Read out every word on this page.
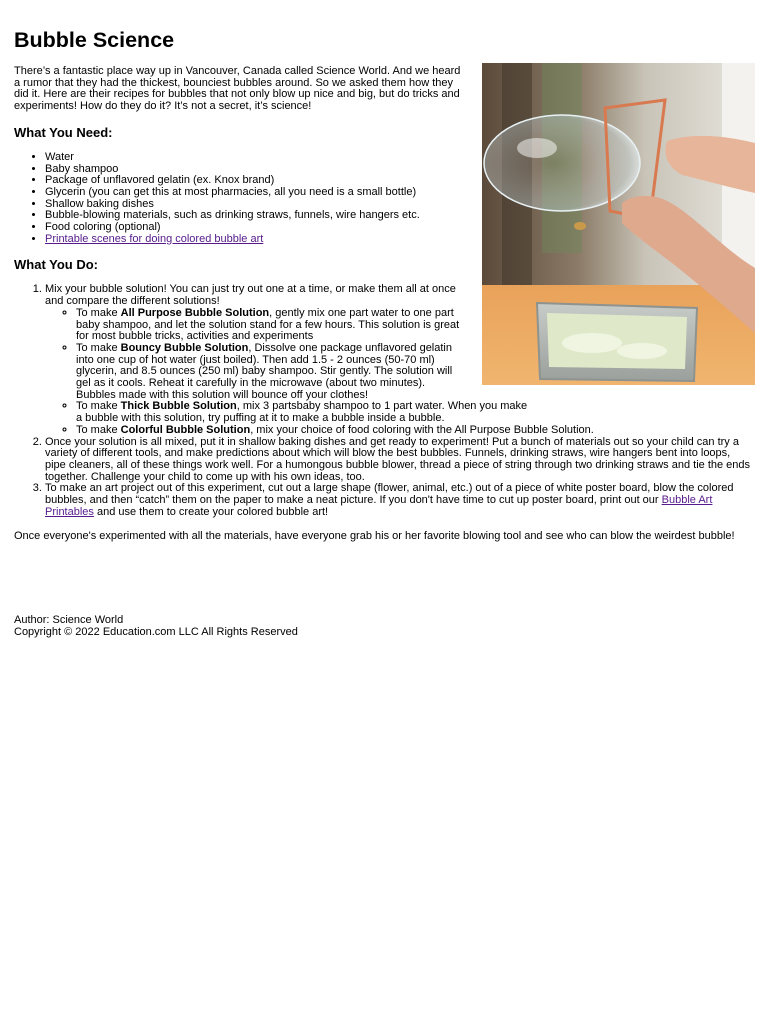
Bubble Science

There’s a fantastic place way up in Vancouver, Canada called Science World. And we heard a rumor that they had the thickest, bounciest bubbles around. So we asked them how they did it. Here are their recipes for bubbles that not only blow up nice and big, but do tricks and experiments! How do they do it? It’s not a secret, it’s science!

What You Need:
• Water
• Baby shampoo
• Package of unflavored gelatin (ex. Knox brand)
• Glycerin (you can get this at most pharmacies, all you need is a small bottle)
• Shallow baking dishes
• Bubble-blowing materials, such as drinking straws, funnels, wire hangers etc.
• Food coloring (optional)
• Printable scenes for doing colored bubble art
What You Do:
1. Mix your bubble solution! You can just try out one at a time, or make them all at once and compare the different solutions!
◦ To make All Purpose Bubble Solution, gently mix one part water to one part baby shampoo, and let the solution stand for a few hours. This solution is great for most bubble tricks, activities and experiments
◦ To make Bouncy Bubble Solution, Dissolve one package unflavored gelatin into one cup of hot water (just boiled). Then add 1.5 - 2 ounces (50-70 ml) glycerin, and 8.5 ounces (250 ml) baby shampoo. Stir gently. The solution will gel as it cools. Reheat it carefully in the microwave (about two minutes). Bubbles made with this solution will bounce off your clothes!
◦ To make Thick Bubble Solution, mix 3 partsbaby shampoo to 1 part water. When you make a bubble with this solution, try puffing at it to make a bubble inside a bubble.
◦ To make Colorful Bubble Solution, mix your choice of food coloring with the All Purpose Bubble Solution.
2. Once your solution is all mixed, put it in shallow baking dishes and get ready to experiment! Put a bunch of materials out so your child can try a variety of different tools, and make predictions about which will blow the best bubbles. Funnels, drinking straws, wire hangers bent into loops, pipe cleaners, all of these things work well. For a humongous bubble blower, thread a piece of string through two drinking straws and tie the ends together. Challenge your child to come up with his own ideas, too.
3. To make an art project out of this experiment, cut out a large shape (flower, animal, etc.) out of a piece of white poster board, blow the colored bubbles, and then “catch” them on the paper to make a neat picture. If you don't have time to cut up poster board, print out our Bubble Art Printables and use them to create your colored bubble art!

Once everyone's experimented with all the materials, have everyone grab his or her favorite blowing tool and see who can blow the weirdest bubble!

Author: Science World
Copyright © 2022 Education.com LLC All Rights Reserved
